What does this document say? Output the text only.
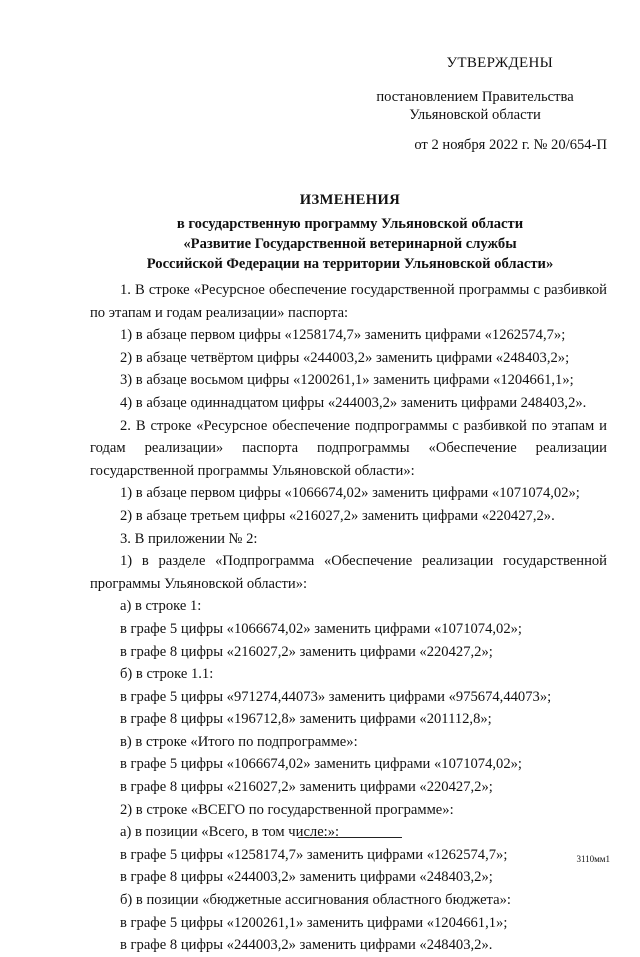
УТВЕРЖДЕНЫ
постановлением Правительства
Ульяновской области
от 2 ноября 2022 г. № 20/654-П
ИЗМЕНЕНИЯ
в государственную программу Ульяновской области
«Развитие Государственной ветеринарной службы
Российской Федерации на территории Ульяновской области»

1. В строке «Ресурсное обеспечение государственной программы с разбивкой по этапам и годам реализации» паспорта:

1) в абзаце первом цифры «1258174,7» заменить цифрами «1262574,7»;

2) в абзаце четвёртом цифры «244003,2» заменить цифрами «248403,2»;

3) в абзаце восьмом цифры «1200261,1» заменить цифрами «1204661,1»;

4) в абзаце одиннадцатом цифры «244003,2» заменить цифрами 248403,2».

2. В строке «Ресурсное обеспечение подпрограммы с разбивкой по этапам и годам реализации» паспорта подпрограммы «Обеспечение реализации государственной программы Ульяновской области»:

1) в абзаце первом цифры «1066674,02» заменить цифрами «1071074,02»;

2) в абзаце третьем цифры «216027,2» заменить цифрами «220427,2».

3. В приложении № 2:

1) в разделе «Подпрограмма «Обеспечение реализации государственной программы Ульяновской области»:

а) в строке 1:

в графе 5 цифры «1066674,02» заменить цифрами «1071074,02»;

в графе 8 цифры «216027,2» заменить цифрами «220427,2»;

б) в строке 1.1:

в графе 5 цифры «971274,44073» заменить цифрами «975674,44073»;

в графе 8 цифры «196712,8» заменить цифрами «201112,8»;

в) в строке «Итого по подпрограмме»:

в графе 5 цифры «1066674,02» заменить цифрами «1071074,02»;

в графе 8 цифры «216027,2» заменить цифрами «220427,2»;

2) в строке «ВСЕГО по государственной программе»:

а) в позиции «Всего, в том числе:»:

в графе 5 цифры «1258174,7» заменить цифрами «1262574,7»;

в графе 8 цифры «244003,2» заменить цифрами «248403,2»;

б) в позиции «бюджетные ассигнования областного бюджета»:

в графе 5 цифры «1200261,1» заменить цифрами «1204661,1»;

в графе 8 цифры «244003,2» заменить цифрами «248403,2».

3110мм1
